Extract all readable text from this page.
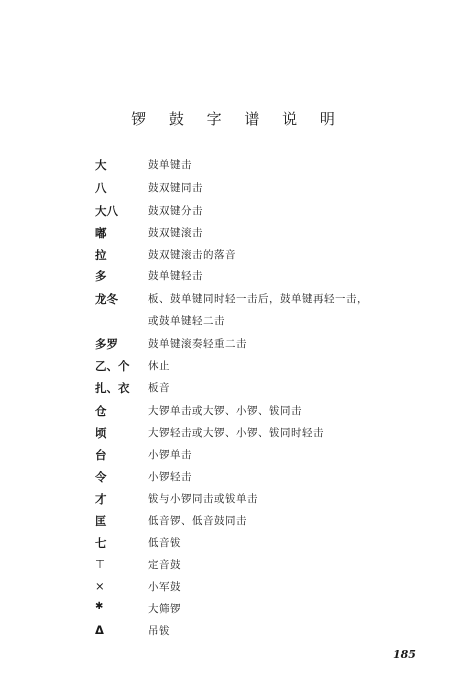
锣 鼓 字 谱 说 明
大	鼓单键击
八	鼓双键同击
大八	鼓双键分击
嘟	鼓双键滚击
拉	鼓双键滚击的落音
多	鼓单键轻击
龙冬	板、鼓单键同时轻一击后，鼓单键再轻一击，
或鼓单键轻二击
多罗	鼓单键滚奏轻重二击
乙、个 休止
扎、衣 板音
仓	大锣单击或大锣、小锣、钹同击
顷	大锣轻击或大锣、小锣、钹同时轻击
台	小锣单击
令	小锣轻击
才	钹与小锣同击或钹单击
匡	低音锣、低音鼓同击
七	低音钹
⊤	定音鼓
×	小军鼓
✱	大筛锣
Δ	吊钹
185
